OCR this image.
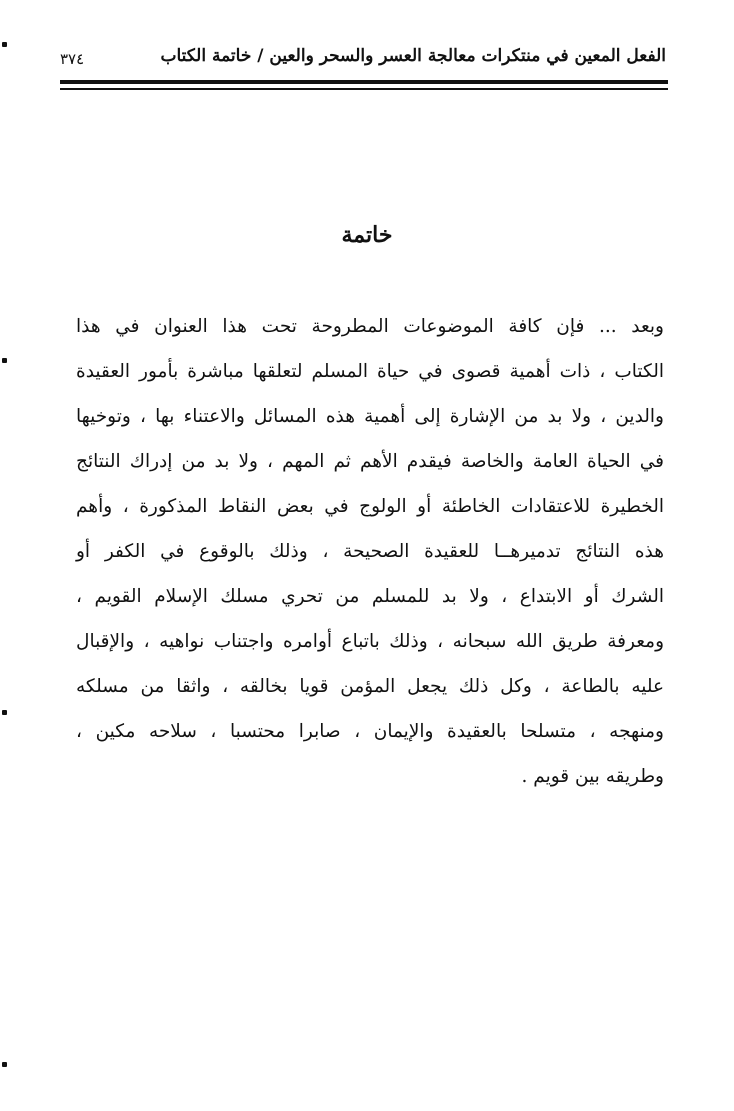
الفعل المعين في منتكرات معالجة العسر والسحر والعين / خاتمة الكتاب
٣٧٤
خاتمة
وبعد ... فإن كافة الموضوعات المطروحة تحت هذا العنوان في هذا
الكتاب ، ذات أهمية قصوى في حياة المسلم لتعلقها مباشرة بأمور العقيدة
والدين ، ولا بد من الإشارة إلى أهمية هذه المسائل والاعتناء بها ، وتوخيها
في الحياة العامة والخاصة فيقدم الأهم ثم المهم ، ولا بد من إدراك النتائج
الخطيرة للاعتقادات الخاطئة أو الولوج في بعض النقاط المذكورة ، وأهم
هذه النتائج تدميرهــا للعقيدة الصحيحة ، وذلك بالوقوع في الكفر أو
الشرك أو الابتداع ، ولا بد للمسلم من تحري مسلك الإسلام القويم ،
ومعرفة طريق الله سبحانه ، وذلك باتباع أوامره واجتناب نواهيه ، والإقبال
عليه بالطاعة ، وكل ذلك يجعل المؤمن قويا بخالقه ، واثقا من مسلكه
ومنهجه ، متسلحا بالعقيدة والإيمان ، صابرا محتسبا ، سلاحه مكين ،
وطريقه بين قويم .
